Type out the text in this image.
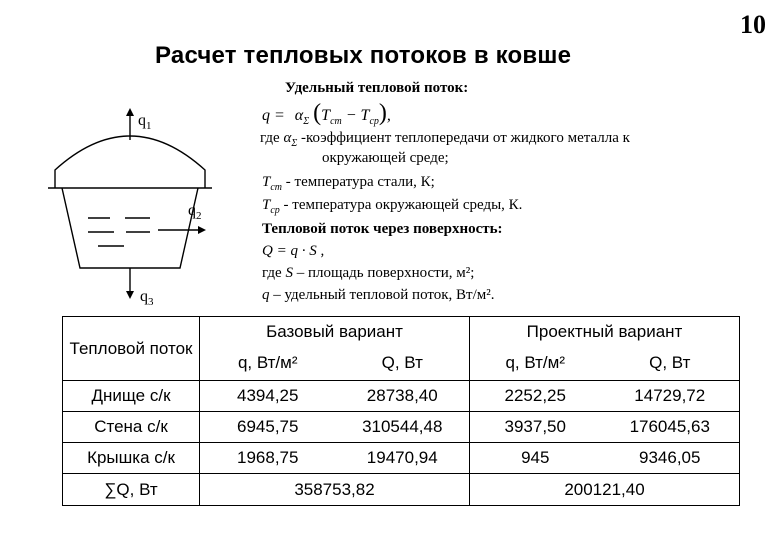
10
Расчет тепловых потоков в ковше
$q_1$
$q_2$
$q_3$
Удельный тепловой поток:
$q = \alpha_\Sigma$ $(T_{ст} - T_{ср})$,
где $\alpha_\Sigma$ -коэффициент теплопередачи от жидкого металла к
окружающей среде;
$T_{ст}$ - температура стали, К;
$T_{ср}$ - температура окружающей среды, К.
Тепловой поток через поверхность:
Q = q · S ,
где S – площадь поверхности, м²;
q – удельный тепловой поток, Вт/м².
Тепловой поток	Базовый вариант		Проектный вариант	
	q, Вт/м²	Q, Вт	q, Вт/м²	Q, Вт
Днище с/к	4394,25	28738,40	2252,25	14729,72
Стена с/к	6945,75	310544,48	3937,50	176045,63
Крышка с/к	1968,75	19470,94	945	9346,05
∑Q, Вт	358753,82		200121,40	
